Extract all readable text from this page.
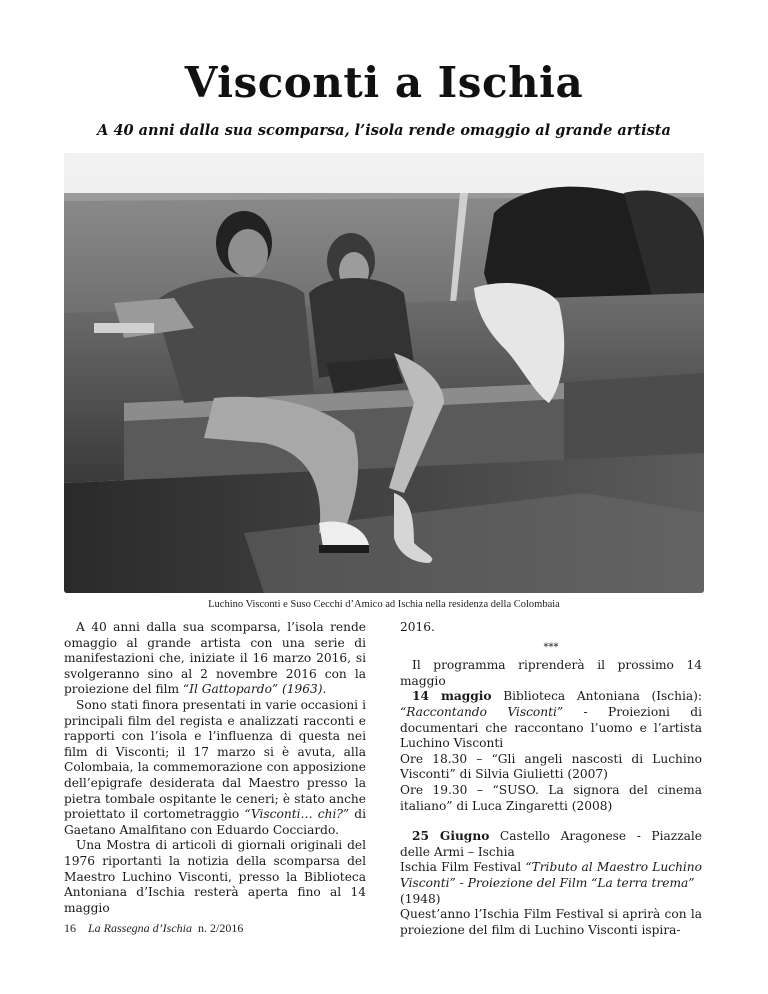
Visconti a Ischia
A 40 anni dalla sua scomparsa, l’isola rende omaggio al grande artista
Luchino Visconti e Suso Cecchi d’Amico ad Ischia nella residenza della Colombaia

A 40 anni dalla sua scomparsa, l’isola rende omaggio al grande artista con una serie di manifestazioni che, iniziate il 16 marzo 2016, si svolgeranno sino al 2 novembre 2016 con la proiezione del film “Il Gattopardo” (1963).

Sono stati finora presentati in varie occasioni i principali film del regista e analizzati racconti e rapporti con l’isola e l’influenza di questa nei film di Visconti; il 17 marzo si è avuta, alla Colombaia, la commemorazione con apposizione dell’epigrafe desiderata dal Maestro presso la pietra tombale ospitante le ceneri; è stato anche proiettato il cortometraggio “Visconti… chi?” di Gaetano Amalfitano con Eduardo Cocciardo.

Una Mostra di articoli di giornali originali del 1976 riportanti la notizia della scomparsa del Maestro Luchino Visconti, presso la Biblioteca Antoniana d’Ischia resterà aperta fino al 14 maggio

2016.

***

Il programma riprenderà il prossimo 14 maggio

14 maggio Biblioteca Antoniana (Ischia): “Raccontando Visconti” - Proiezioni di documentari che raccontano l’uomo e l’artista Luchino Visconti

Ore 18.30 – “Gli angeli nascosti di Luchino Visconti” di Silvia Giulietti (2007)

Ore 19.30 – “SUSO. La signora del cinema italiano” di Luca Zingaretti (2008)

25 Giugno Castello Aragonese - Piazzale delle Armi – Ischia

Ischia Film Festival “Tributo al Maestro Luchino Visconti” - Proiezione del Film “La terra trema”

(1948)

Quest’anno l’Ischia Film Festival si aprirà con la proiezione del film di Luchino Visconti ispira-

16 La Rassegna d’Ischia n. 2/2016
